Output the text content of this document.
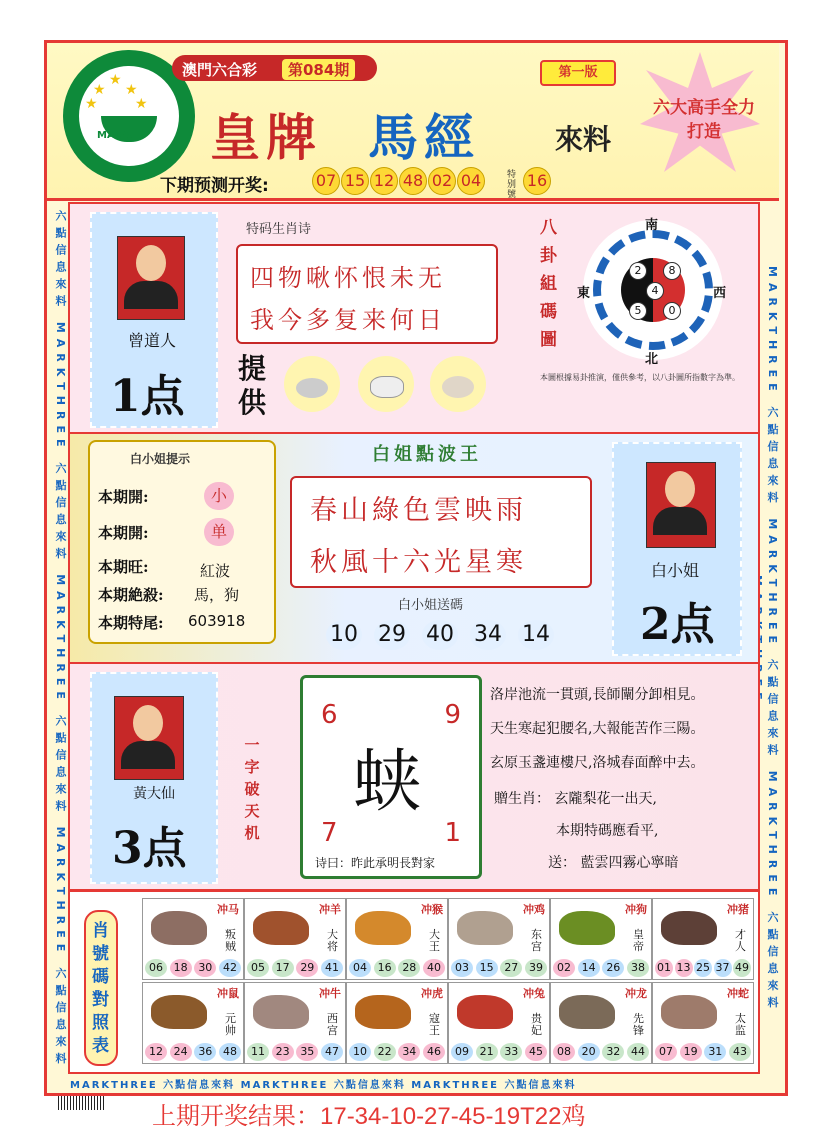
★
★ ★
★	★
MACAU
澳門六合彩	第084期	第一版
皇牌 馬經	來料
六大高手全力打造
下期预测开奖:	07 15 12 48 02 04	特别號
16
六點信息來料 MARKTHREE 六點信息來料 MARKTHREE 六點信息來料 MARKTHREE 六點信息來料
MARKTHREE 六點信息來料 MARKTHREE 六點信息來料 MARKTHREE 六點信息來料
曾道人
1点
特码生肖诗
四物啾怀恨未无
我今多复来何日
提供
八卦組碼圖
南
北
東	西
2	8
4
5	0
本圖根據易卦推演，僅供參考，以八卦圖所指數字為準。
白小姐提示
本期開:	小
本期開:	单
本期旺:	紅波
本期絶殺: 馬，狗
本期特尾: 603918
白姐點波王
春山綠色雲映雨
秋風十六光星寒
白小姐送碼
10 29 40 34 14
白小姐
2点
黃大仙
3点
一字破天机
6	9
7	1
蛱
诗曰：昨此承明長對家
洛岸池流一貫頭,長師闡分卸相見。
天生寒起犯腰名,大報能苦作三陽。
玄原玉盞連樓尺,洛城春面醉中去。
贈生肖： 玄隴梨花一出天,
本期特碼應看平,
送： 藍雲四霧心寧暗
肖號碼對照表
冲马
叛贼
06 18 30 42
冲羊
大将
05 17 29 41
冲猴
大王
04 16 28 40
冲鸡
东宫
03 15 27 39
冲狗
皇帝
02 14 26 38
冲猪
才人
01 13 25 37 49
冲鼠
元帅
12 24 36 48
冲牛
西宫
11 23 35 47
冲虎
寇王
10 22 34 46
冲兔
贵妃
09 21 33 45
冲龙
先锋
08 20 32 44
冲蛇
太监
07 19 31 43
MARKTHREE 六點信息來料 MARKTHREE 六點信息來料 MARKTHREE 六點信息來料
上期开奖结果：17-34-10-27-45-19T22鸡
